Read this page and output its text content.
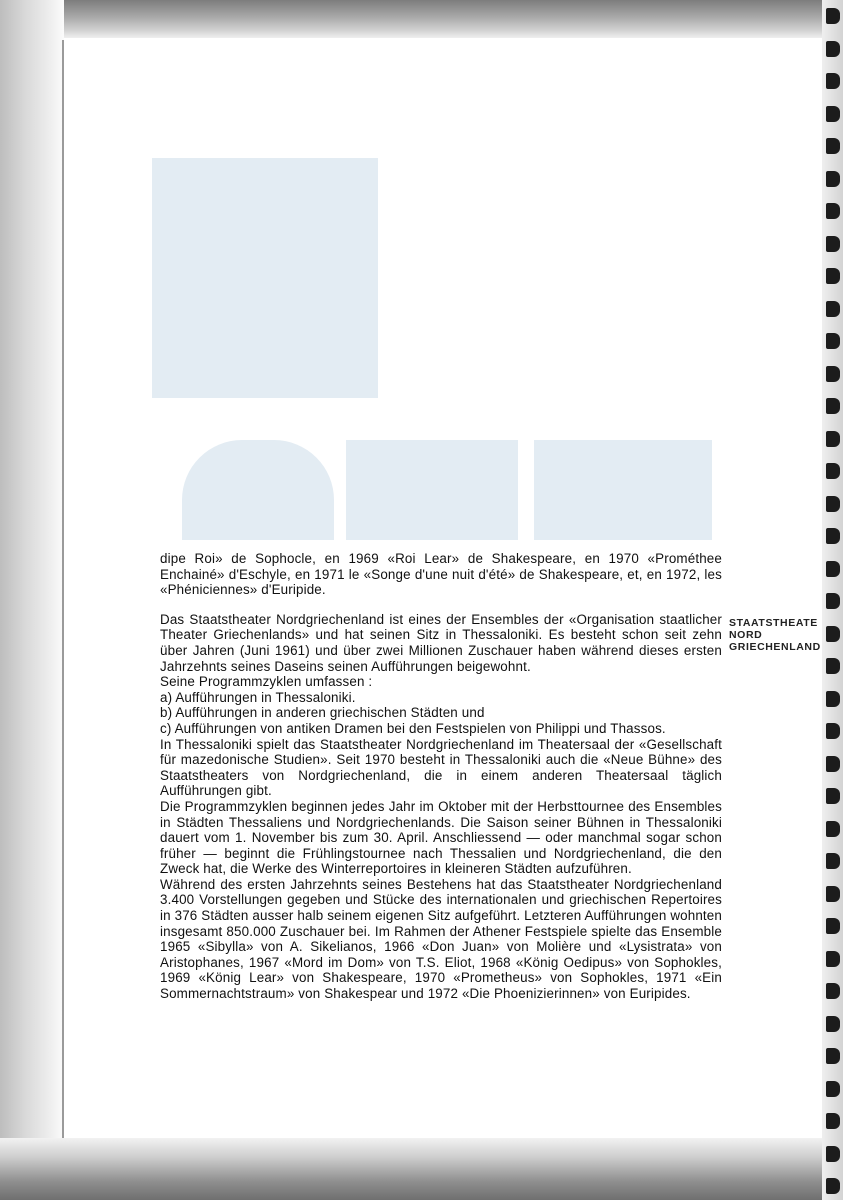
dipe Roi» de Sophocle, en 1969 «Roi Lear» de Shakespeare, en 1970 «Prométhee Enchainé» d'Eschyle, en 1971 le «Songe d'une nuit d'été» de Shakespeare, et, en 1972, les «Phéniciennes» d'Euripide.

Das Staatstheater Nordgriechenland ist eines der Ensembles der «Organisation staatlicher Theater Griechenlands» und hat seinen Sitz in Thessaloniki. Es besteht schon seit zehn über Jahren (Juni 1961) und über zwei Millionen Zuschauer haben während dieses ersten Jahrzehnts seines Daseins seinen Aufführungen beigewohnt.

Seine Programmzyklen umfassen :

a) Aufführungen in Thessaloniki.

b) Aufführungen in anderen griechischen Städten und

c) Aufführungen von antiken Dramen bei den Festspielen von Philippi und Thassos.

In Thessaloniki spielt das Staatstheater Nordgriechenland im Theatersaal der «Gesellschaft für mazedonische Studien». Seit 1970 besteht in Thessaloniki auch die «Neue Bühne» des Staatstheaters von Nordgriechenland, die in einem anderen Theatersaal täglich Aufführungen gibt.

Die Programmzyklen beginnen jedes Jahr im Oktober mit der Herbsttournee des Ensembles in Städten Thessaliens und Nordgriechenlands. Die Saison seiner Bühnen in Thessaloniki dauert vom 1. November bis zum 30. April. Anschliessend — oder manchmal sogar schon früher — beginnt die Frühlingstournee nach Thessalien und Nordgriechenland, die den Zweck hat, die Werke des Winterreportoires in kleineren Städten aufzuführen.

Während des ersten Jahrzehnts seines Bestehens hat das Staatstheater Nordgriechenland 3.400 Vorstellungen gegeben und Stücke des internationalen und griechischen Repertoires in 376 Städten ausser halb seinem eigenen Sitz aufgeführt. Letzteren Aufführungen wohnten insgesamt 850.000 Zuschauer bei. Im Rahmen der Athener Festspiele spielte das Ensemble 1965 «Sibylla» von A. Sikelianos, 1966 «Don Juan» von Molière und «Lysistrata» von Aristophanes, 1967 «Mord im Dom» von T.S. Eliot, 1968 «König Oedipus» von Sophokles, 1969 «König Lear» von Shakespeare, 1970 «Prometheus» von Sophokles, 1971 «Ein Sommernachtstraum» von Shakespear und 1972 «Die Phoenizierinnen» von Euripides.

STAATSTHEATE
NORD
GRIECHENLAND
